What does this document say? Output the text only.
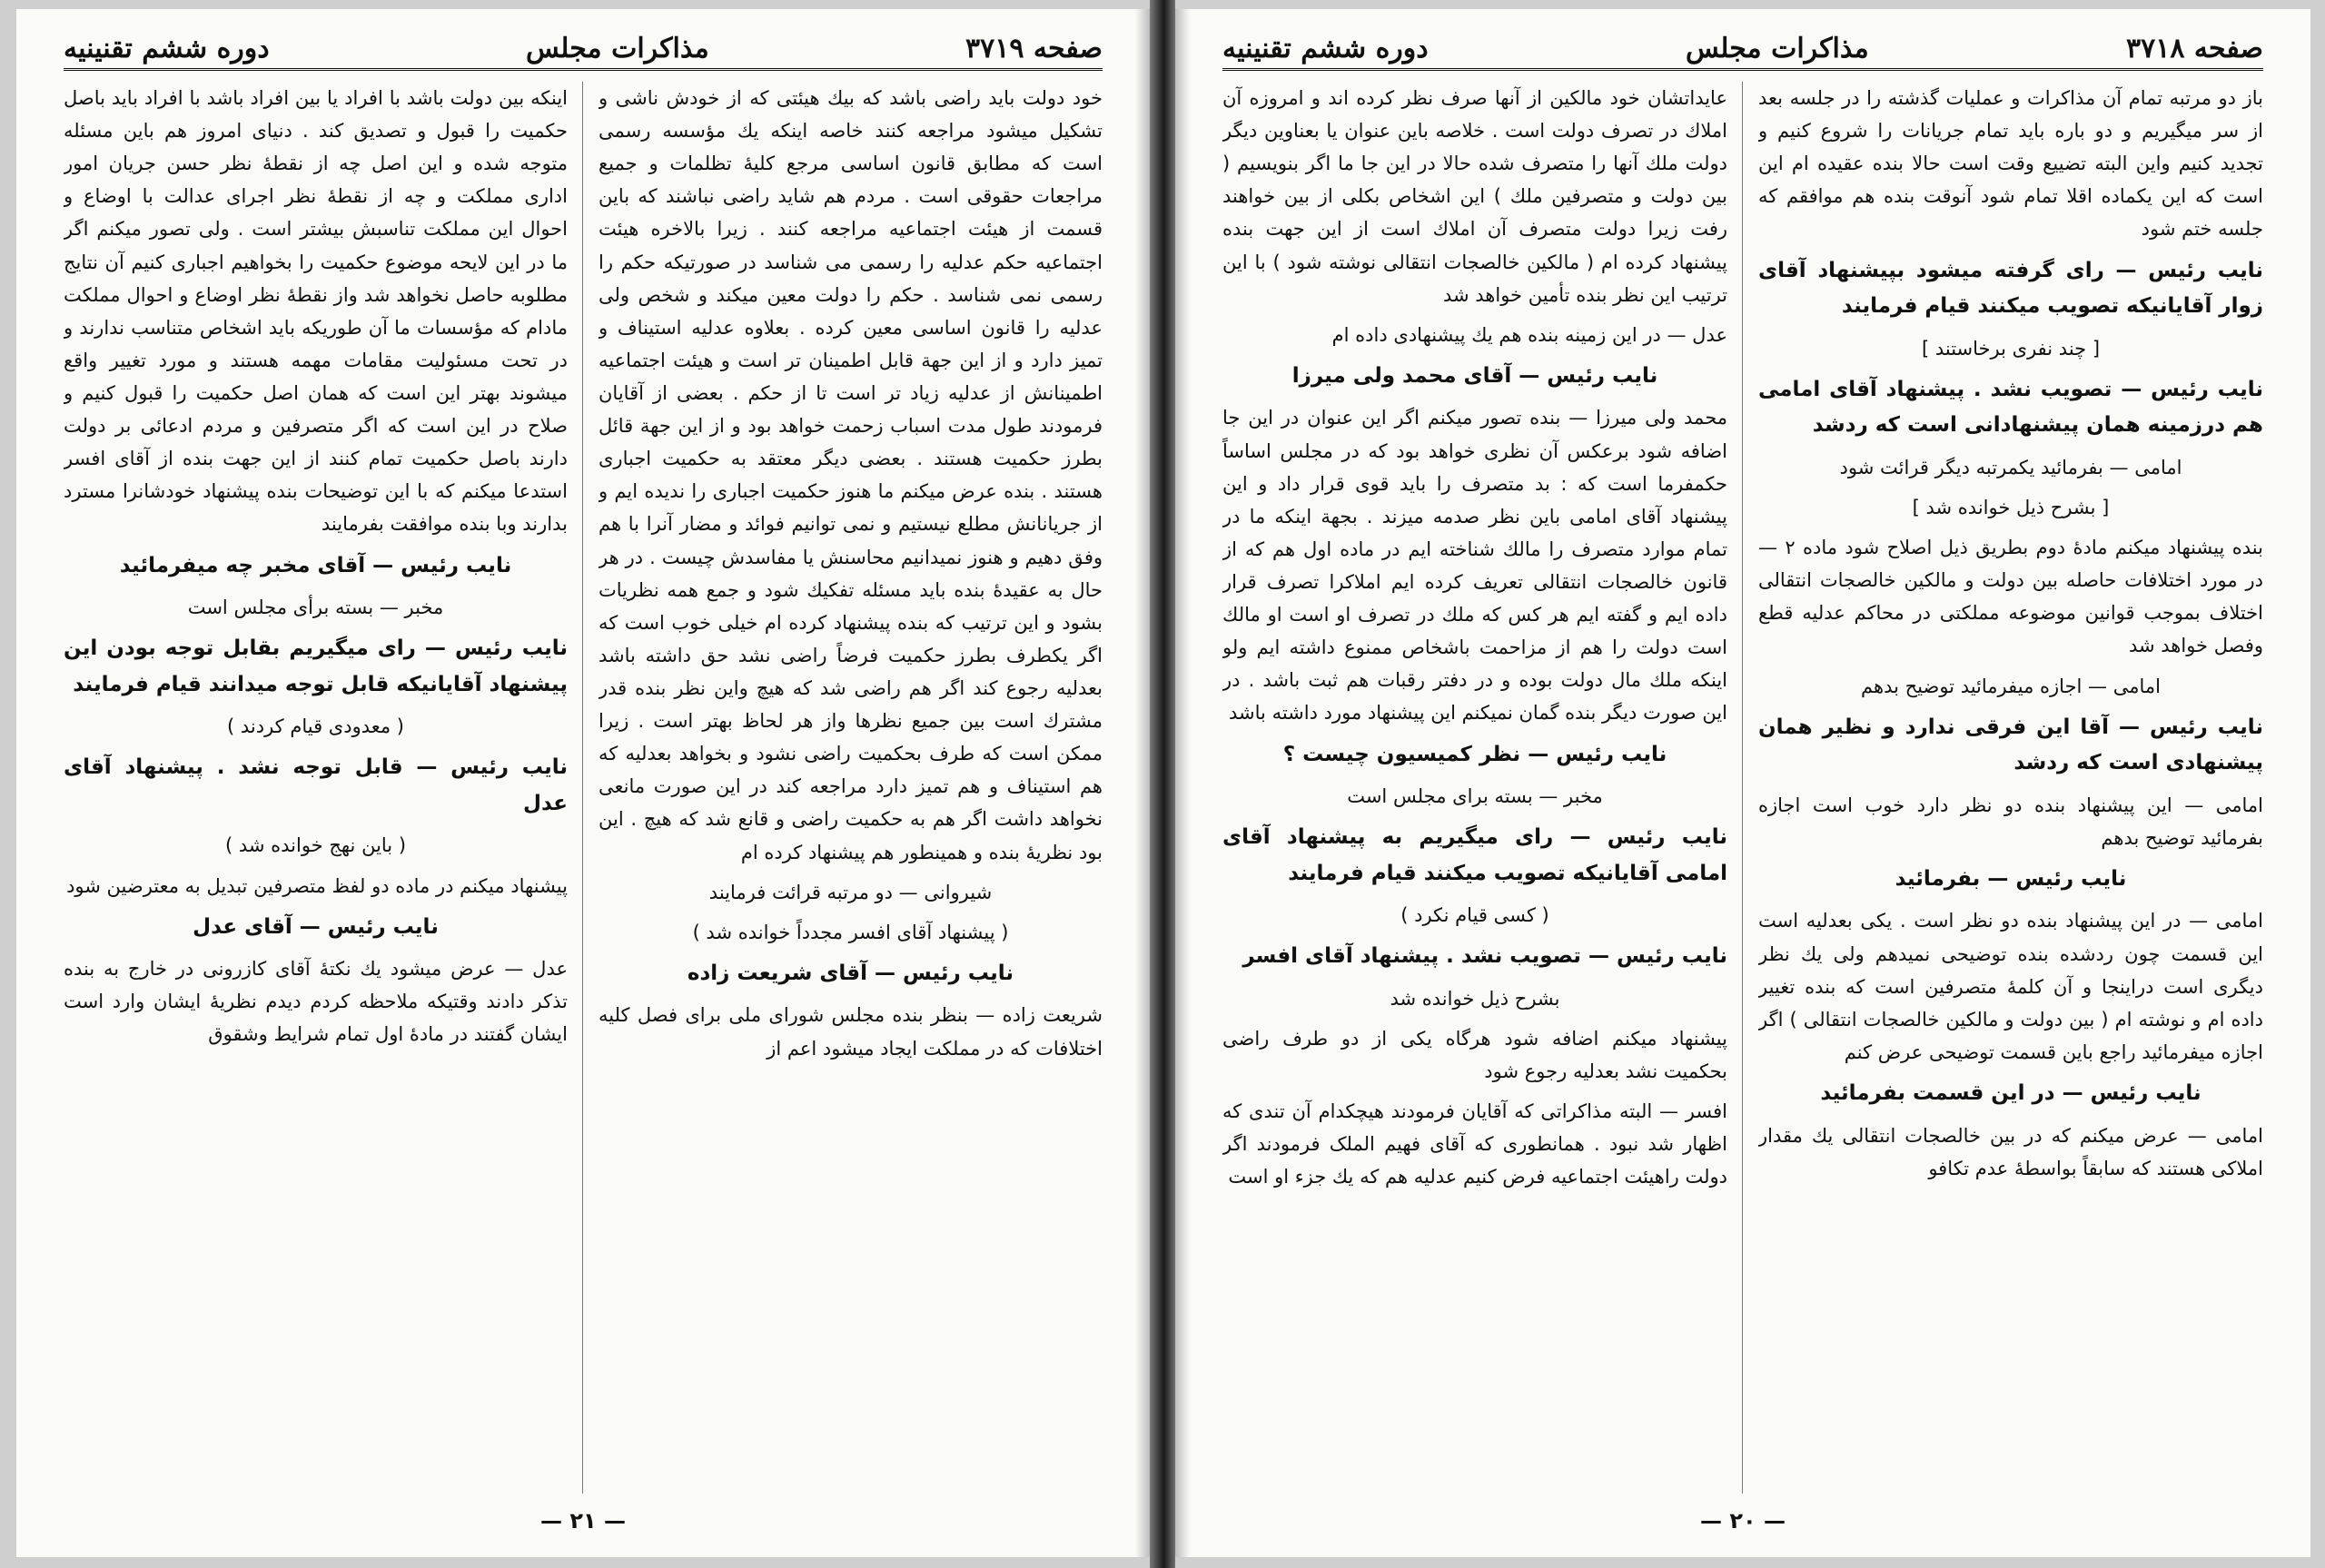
دوره ششم تقنینیه	مذاکرات مجلس	صفحه ۳۷۱۹

خود دولت باید راضی باشد که بیك هیئتی که از خودش ناشی و تشکیل میشود مراجعه کنند خاصه اینکه یك مؤسسه رسمی است که مطابق قانون اساسی مرجع کلیهٔ تظلمات و جمیع مراجعات حقوقی است . مردم هم شاید راضی نباشند که باین قسمت از هیئت اجتماعیه مراجعه کنند . زیرا بالاخره هیئت اجتماعیه حکم عدلیه را رسمی می شناسد در صورتیکه حکم را رسمی نمی شناسد . حکم را دولت معین میکند و شخص ولی عدلیه را قانون اساسی معین کرده . بعلاوه عدلیه استیناف و تمیز دارد و از این جهة قابل اطمینان تر است و هیئت اجتماعیه اطمینانش از عدلیه زیاد تر است تا از حکم . بعضی از آقایان فرمودند طول مدت اسباب زحمت خواهد بود و از این جهة قائل بطرز حکمیت هستند . بعضی دیگر معتقد به حکمیت اجباری هستند . بنده عرض میکنم ما هنوز حکمیت اجباری را ندیده ایم و از جریانانش مطلع نیستیم و نمی توانیم فوائد و مضار آنرا با هم وفق دهیم و هنوز نمیدانیم محاسنش یا مفاسدش چیست . در هر حال به عقیدهٔ بنده باید مسئله تفکیك شود و جمع همه نظریات بشود و این ترتیب که بنده پیشنهاد کرده ام خیلی خوب است که اگر یکطرف بطرز حکمیت فرضاً راضی نشد حق داشته باشد بعدلیه رجوع کند اگر هم راضی شد که هیچ واین نظر بنده قدر مشترك است بین جمیع نظرها واز هر لحاظ بهتر است . زیرا ممکن است که طرف بحکمیت راضی نشود و بخواهد بعدلیه که هم استیناف و هم تمیز دارد مراجعه کند در این صورت مانعی نخواهد داشت اگر هم به حکمیت راضی و قانع شد که هیچ . این بود نظریهٔ بنده و همینطور هم پیشنهاد کرده ام

شیروانی — دو مرتبه قرائت فرمایند

( پیشنهاد آقای افسر مجدداً خوانده شد )

نایب رئیس — آقای شریعت زاده

شریعت زاده — بنظر بنده مجلس شورای ملی برای فصل کلیه اختلافات که در مملکت ایجاد میشود اعم از

اینکه بین دولت باشد با افراد یا بین افراد باشد با افراد باید باصل حکمیت را قبول و تصدیق کند . دنیای امروز هم باین مسئله متوجه شده و این اصل چه از نقطهٔ نظر حسن جریان امور اداری مملکت و چه از نقطهٔ نظر اجرای عدالت با اوضاع و احوال این مملکت تناسبش بیشتر است . ولی تصور میکنم اگر ما در این لایحه موضوع حکمیت را بخواهیم اجباری کنیم آن نتایج مطلوبه حاصل نخواهد شد واز نقطهٔ نظر اوضاع و احوال مملکت مادام که مؤسسات ما آن طوریکه باید اشخاص متناسب ندارند و در تحت مسئولیت مقامات مهمه هستند و مورد تغییر واقع میشوند بهتر این است که همان اصل حکمیت را قبول کنیم و صلاح در این است که اگر متصرفین و مردم ادعائی بر دولت دارند باصل حکمیت تمام کنند از این جهت بنده از آقای افسر استدعا میکنم که با این توضیحات بنده پیشنهاد خودشانرا مسترد بدارند وبا بنده موافقت بفرمایند

نایب رئیس — آقای مخبر چه میفرمائید

مخبر — بسته برأی مجلس است

نایب رئیس — رای میگیریم بقابل توجه بودن این پیشنهاد آقایانیکه قابل توجه میدانند قیام فرمایند

( معدودی قیام کردند )

نایب رئیس — قابل توجه نشد . پیشنهاد آقای عدل

( باین نهج خوانده شد )

پیشنهاد میکنم در ماده دو لفظ متصرفین تبدیل به معترضین شود

نایب رئیس — آقای عدل

عدل — عرض میشود یك نکتهٔ آقای کازرونی در خارج به بنده تذکر دادند وقتیکه ملاحظه کردم دیدم نظریهٔ ایشان وارد است ایشان گفتند در مادهٔ اول تمام شرایط وشقوق

— ۲۱ —
دوره ششم تقنینیه	مذاکرات مجلس	صفحه ۳۷۱۸

باز دو مرتبه تمام آن مذاکرات و عملیات گذشته را در جلسه بعد از سر میگیریم و دو باره باید تمام جریانات را شروع کنیم و تجدید کنیم واین البته تضییع وقت است حالا بنده عقیده ام این است که این یکماده اقلا تمام شود آنوقت بنده هم موافقم که جلسه ختم شود

نایب رئیس — رای گرفته میشود بپیشنهاد آقای زوار آقایانیکه تصویب میکنند قیام فرمایند

[ چند نفری برخاستند ]

نایب رئیس — تصویب نشد . پیشنهاد آقای امامی هم درزمینه همان پیشنهادانی است که ردشد

امامی — بفرمائید یکمرتبه دیگر قرائت شود

[ بشرح ذیل خوانده شد ]

بنده پیشنهاد میکنم مادهٔ دوم بطریق ذیل اصلاح شود ماده ۲ — در مورد اختلافات حاصله بین دولت و مالکین خالصجات انتقالی اختلاف بموجب قوانین موضوعه مملکتی در محاکم عدلیه قطع وفصل خواهد شد

امامی — اجازه میفرمائید توضیح بدهم

نایب رئیس — آقا این فرقی ندارد و نظیر همان پیشنهادی است که ردشد

امامی — این پیشنهاد بنده دو نظر دارد خوب است اجازه بفرمائید توضیح بدهم

نایب رئیس — بفرمائید

امامی — در این پیشنهاد بنده دو نظر است . یکی بعدلیه است این قسمت چون ردشده بنده توضیحی نمیدهم ولی یك نظر دیگری است دراینجا و آن کلمهٔ متصرفین است که بنده تغییر داده ام و نوشته ام ( بین دولت و مالکین خالصجات انتقالی ) اگر اجازه میفرمائید راجع باین قسمت توضیحی عرض کنم

نایب رئیس — در این قسمت بفرمائید

امامی — عرض میکنم که در بین خالصجات انتقالی یك مقدار املاکی هستند که سابقاً بواسطهٔ عدم تکافو

عایداتشان خود مالکین از آنها صرف نظر کرده اند و امروزه آن املاك در تصرف دولت است . خلاصه باین عنوان یا بعناوین دیگر دولت ملك آنها را متصرف شده حالا در این جا ما اگر بنویسیم ( بین دولت و متصرفین ملك ) این اشخاص بکلی از بین خواهند رفت زیرا دولت متصرف آن املاك است از این جهت بنده پیشنهاد کرده ام ( مالکین خالصجات انتقالی نوشته شود ) با این ترتیب این نظر بنده تأمین خواهد شد

عدل — در این زمینه بنده هم یك پیشنهادی داده ام

نایب رئیس — آقای محمد ولی میرزا

محمد ولی میرزا — بنده تصور میکنم اگر این عنوان در این جا اضافه شود برعکس آن نظری خواهد بود که در مجلس اساساً حکمفرما است که : بد متصرف را باید قوی قرار داد و این پیشنهاد آقای امامی باین نظر صدمه میزند . بجهة اینکه ما در تمام موارد متصرف را مالك شناخته ایم در ماده اول هم که از قانون خالصجات انتقالی تعریف کرده ایم املاکرا تصرف قرار داده ایم و گفته ایم هر کس که ملك در تصرف او است او مالك است دولت را هم از مزاحمت باشخاص ممنوع داشته ایم ولو اینکه ملك مال دولت بوده و در دفتر رقبات هم ثبت باشد . در این صورت دیگر بنده گمان نمیکنم این پیشنهاد مورد داشته باشد

نایب رئیس — نظر کمیسیون چیست ؟

مخبر — بسته برای مجلس است

نایب رئیس — رای میگیریم به پیشنهاد آقای امامی آقایانیکه تصویب میکنند قیام فرمایند

( کسی قیام نکرد )

نایب رئیس — تصویب نشد . پیشنهاد آقای افسر

بشرح ذیل خوانده شد

پیشنهاد میکنم اضافه شود هرگاه یکی از دو طرف راضی بحکمیت نشد بعدلیه رجوع شود

افسر — البته مذاکراتی که آقایان فرمودند هیچکدام آن تندی که اظهار شد نبود . همانطوری که آقای فهیم الملک فرمودند اگر دولت راهیئت اجتماعیه فرض کنیم عدلیه هم که یك جزء او است

— ۲۰ —
